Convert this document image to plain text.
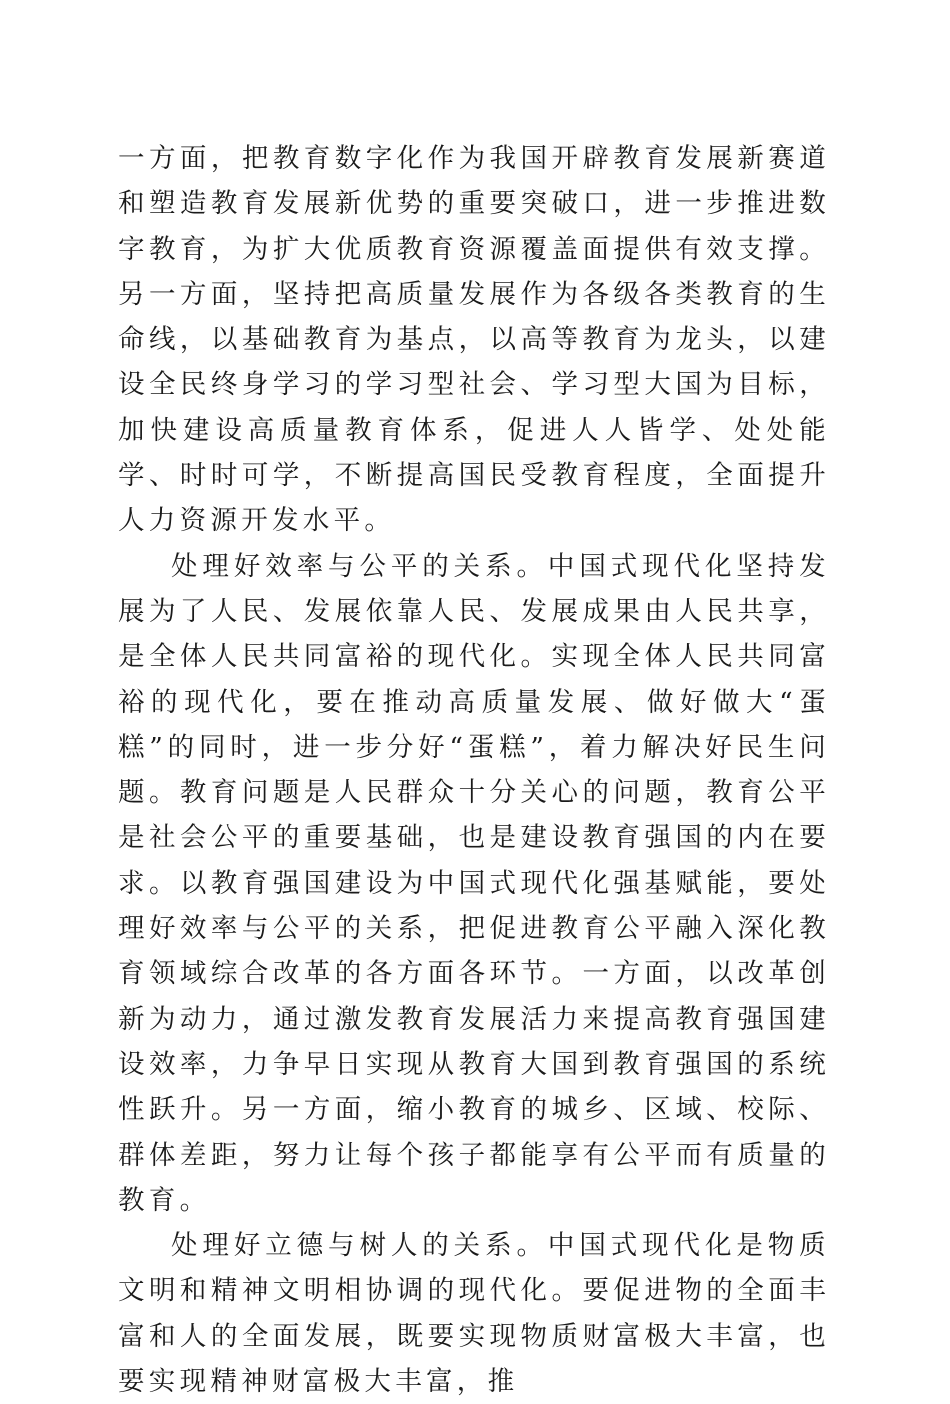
一方面，把教育数字化作为我国开辟教育发展新赛道和塑造教育发展新优势的重要突破口，进一步推进数字教育，为扩大优质教育资源覆盖面提供有效支撑。另一方面，坚持把高质量发展作为各级各类教育的生命线，以基础教育为基点，以高等教育为龙头，以建设全民终身学习的学习型社会、学习型大国为目标，加快建设高质量教育体系，促进人人皆学、处处能学、时时可学，不断提高国民受教育程度，全面提升人力资源开发水平。

处理好效率与公平的关系。中国式现代化坚持发展为了人民、发展依靠人民、发展成果由人民共享，是全体人民共同富裕的现代化。实现全体人民共同富裕的现代化，要在推动高质量发展、做好做大“蛋糕”的同时，进一步分好“蛋糕”，着力解决好民生问题。教育问题是人民群众十分关心的问题，教育公平是社会公平的重要基础，也是建设教育强国的内在要求。以教育强国建设为中国式现代化强基赋能，要处理好效率与公平的关系，把促进教育公平融入深化教育领域综合改革的各方面各环节。一方面，以改革创新为动力，通过激发教育发展活力来提高教育强国建设效率，力争早日实现从教育大国到教育强国的系统性跃升。另一方面，缩小教育的城乡、区域、校际、群体差距，努力让每个孩子都能享有公平而有质量的教育。

处理好立德与树人的关系。中国式现代化是物质文明和精神文明相协调的现代化。要促进物的全面丰富和人的全面发展，既要实现物质财富极大丰富，也要实现精神财富极大丰富，推
